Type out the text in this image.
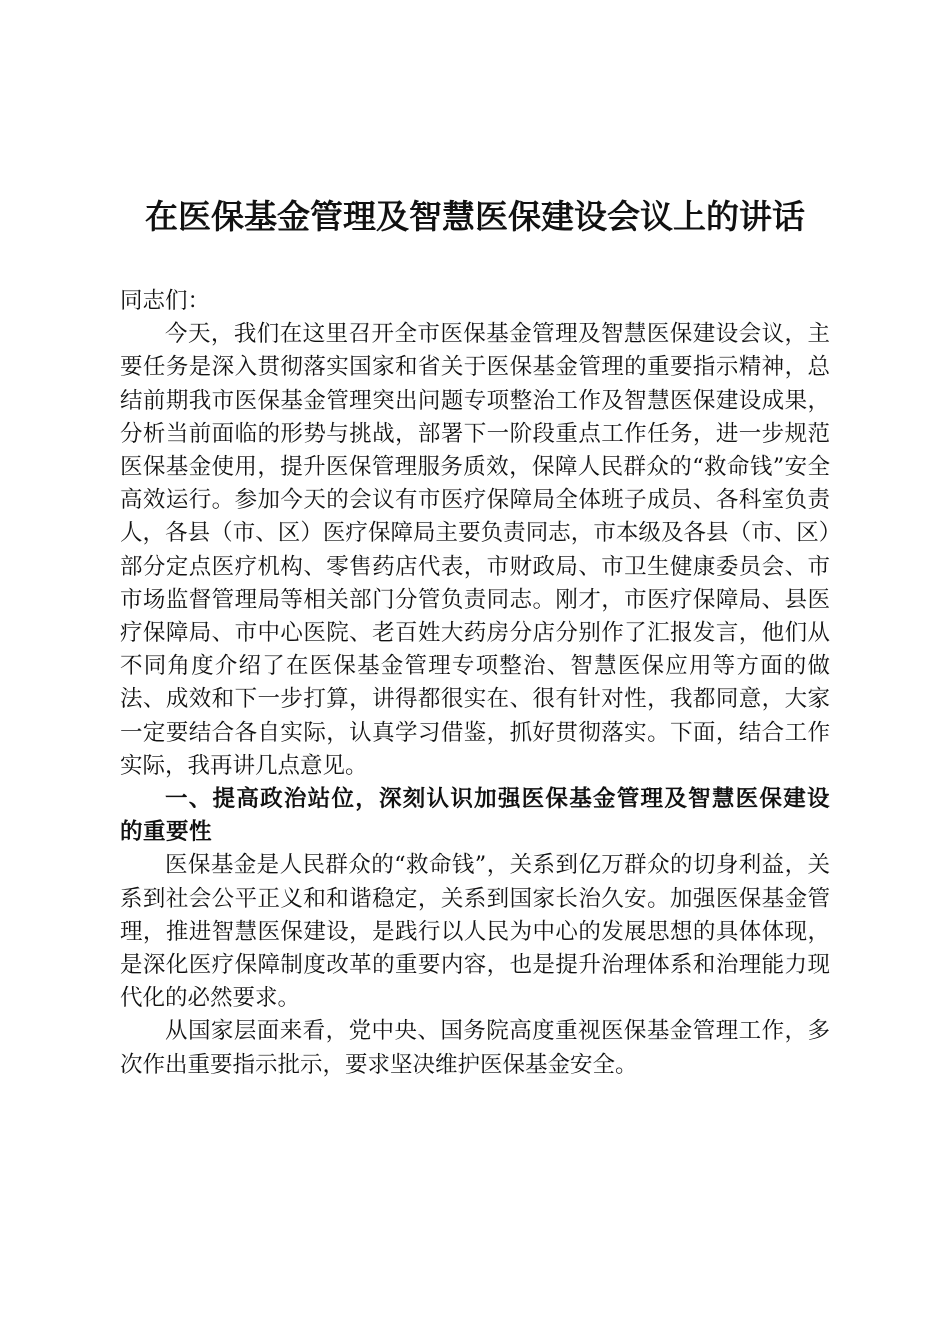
在医保基金管理及智慧医保建设会议上的讲话

同志们：

今天，我们在这里召开全市医保基金管理及智慧医保建设会议，主要任务是深入贯彻落实国家和省关于医保基金管理的重要指示精神，总结前期我市医保基金管理突出问题专项整治工作及智慧医保建设成果，分析当前面临的形势与挑战，部署下一阶段重点工作任务，进一步规范医保基金使用，提升医保管理服务质效，保障人民群众的“救命钱”安全高效运行。参加今天的会议有市医疗保障局全体班子成员、各科室负责人，各县（市、区）医疗保障局主要负责同志，市本级及各县（市、区）部分定点医疗机构、零售药店代表，市财政局、市卫生健康委员会、市市场监督管理局等相关部门分管负责同志。刚才，市医疗保障局、县医疗保障局、市中心医院、老百姓大药房分店分别作了汇报发言，他们从不同角度介绍了在医保基金管理专项整治、智慧医保应用等方面的做法、成效和下一步打算，讲得都很实在、很有针对性，我都同意，大家一定要结合各自实际，认真学习借鉴，抓好贯彻落实。下面，结合工作实际，我再讲几点意见。

一、提高政治站位，深刻认识加强医保基金管理及智慧医保建设的重要性

医保基金是人民群众的“救命钱”，关系到亿万群众的切身利益，关系到社会公平正义和和谐稳定，关系到国家长治久安。加强医保基金管理，推进智慧医保建设，是践行以人民为中心的发展思想的具体体现，是深化医疗保障制度改革的重要内容，也是提升治理体系和治理能力现代化的必然要求。

从国家层面来看，党中央、国务院高度重视医保基金管理工作，多次作出重要指示批示，要求坚决维护医保基金安全。
